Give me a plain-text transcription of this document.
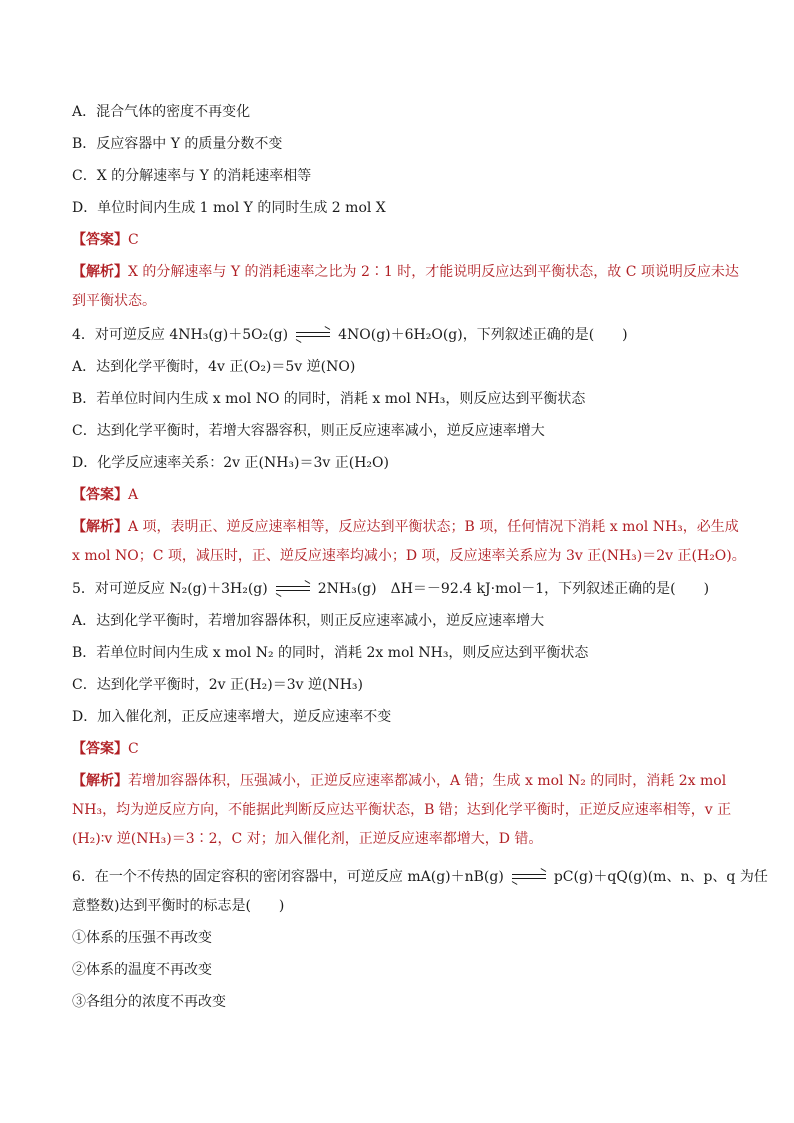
A．混合气体的密度不再变化
B．反应容器中 Y 的质量分数不变
C．X 的分解速率与 Y 的消耗速率相等
D．单位时间内生成 1 mol Y 的同时生成 2 mol X
【答案】C
【解析】X 的分解速率与 Y 的消耗速率之比为 2∶1 时，才能说明反应达到平衡状态，故 C 项说明反应未达
到平衡状态。
4．对可逆反应 4NH₃(g)＋5O₂(g)	4NO(g)＋6H₂O(g)，下列叙述正确的是(　　)
A．达到化学平衡时，4v 正(O₂)＝5v 逆(NO)
B．若单位时间内生成 x mol NO 的同时，消耗 x mol NH₃，则反应达到平衡状态
C．达到化学平衡时，若增大容器容积，则正反应速率减小，逆反应速率增大
D．化学反应速率关系：2v 正(NH₃)＝3v 正(H₂O)
【答案】A
【解析】A 项，表明正、逆反应速率相等，反应达到平衡状态；B 项，任何情况下消耗 x mol NH₃，必生成
x mol NO；C 项，减压时，正、逆反应速率均减小；D 项，反应速率关系应为 3v 正(NH₃)＝2v 正(H₂O)。
5．对可逆反应 N₂(g)＋3H₂(g)	2NH₃(g)　ΔH＝－92.4 kJ·mol－1，下列叙述正确的是(　　)
A．达到化学平衡时，若增加容器体积，则正反应速率减小，逆反应速率增大
B．若单位时间内生成 x mol N₂ 的同时，消耗 2x mol NH₃，则反应达到平衡状态
C．达到化学平衡时，2v 正(H₂)＝3v 逆(NH₃)
D．加入催化剂，正反应速率增大，逆反应速率不变
【答案】C
【解析】若增加容器体积，压强减小，正逆反应速率都减小，A 错；生成 x mol N₂ 的同时，消耗 2x mol
NH₃，均为逆反应方向，不能据此判断反应达平衡状态，B 错；达到化学平衡时，正逆反应速率相等，v 正
(H₂)∶v 逆(NH₃)＝3∶2，C 对；加入催化剂，正逆反应速率都增大，D 错。
6．在一个不传热的固定容积的密闭容器中，可逆反应 mA(g)＋nB(g)	pC(g)＋qQ(g)(m、n、p、q 为任
意整数)达到平衡时的标志是(　　)
①体系的压强不再改变
②体系的温度不再改变
③各组分的浓度不再改变
